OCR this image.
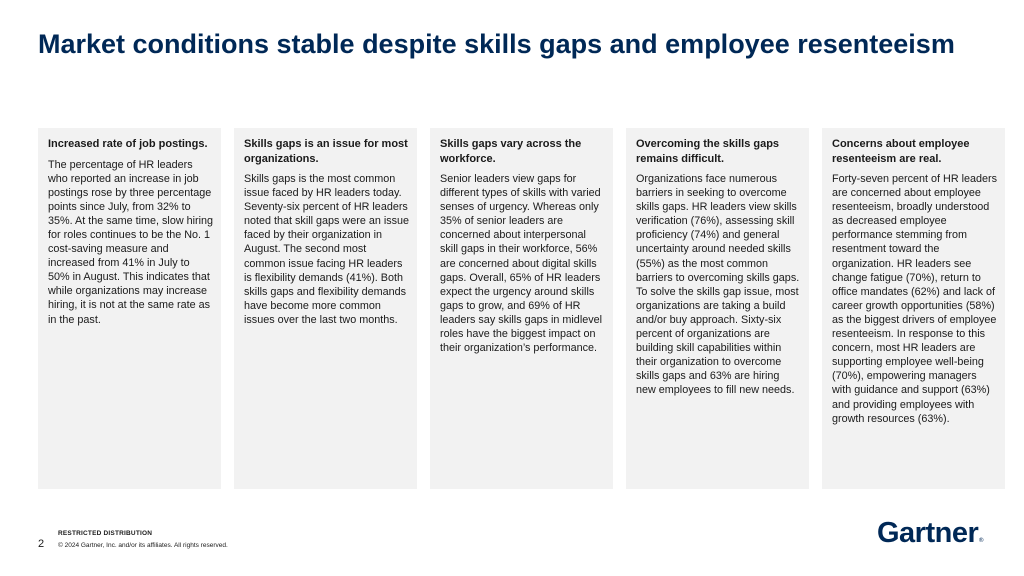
Market conditions stable despite skills gaps and employee resenteeism

Increased rate of job postings.

The percentage of HR leaders who reported an increase in job postings rose by three percentage points since July, from 32% to 35%. At the same time, slow hiring for roles continues to be the No. 1 cost-saving measure and increased from 41% in July to 50% in August. This indicates that while organizations may increase hiring, it is not at the same rate as in the past.

Skills gaps is an issue for most organizations.

Skills gaps is the most common issue faced by HR leaders today. Seventy-six percent of HR leaders noted that skill gaps were an issue faced by their organization in August. The second most common issue facing HR leaders is flexibility demands (41%). Both skills gaps and flexibility demands have become more common issues over the last two months.

Skills gaps vary across the workforce.

Senior leaders view gaps for different types of skills with varied senses of urgency. Whereas only 35% of senior leaders are concerned about interpersonal skill gaps in their workforce, 56% are concerned about digital skills gaps. Overall, 65% of HR leaders expect the urgency around skills gaps to grow, and 69% of HR leaders say skills gaps in midlevel roles have the biggest impact on their organization’s performance.

Overcoming the skills gaps remains difficult.

Organizations face numerous barriers in seeking to overcome skills gaps. HR leaders view skills verification (76%), assessing skill proficiency (74%) and general uncertainty around needed skills (55%) as the most common barriers to overcoming skills gaps. To solve the skills gap issue, most organizations are taking a build and/or buy approach. Sixty-six percent of organizations are building skill capabilities within their organization to overcome skills gaps and 63% are hiring new employees to fill new needs.

Concerns about employee resenteeism are real.

Forty-seven percent of HR leaders are concerned about employee resenteeism, broadly understood as decreased employee performance stemming from resentment toward the organization. HR leaders see change fatigue (70%), return to office mandates (62%) and lack of career growth opportunities (58%) as the biggest drivers of employee resenteeism. In response to this concern, most HR leaders are supporting employee well-being (70%), empowering managers with guidance and support (63%) and providing employees with growth resources (63%).

2
RESTRICTED DISTRIBUTION
© 2024 Gartner, Inc. and/or its affiliates. All rights reserved.	Gartner®
